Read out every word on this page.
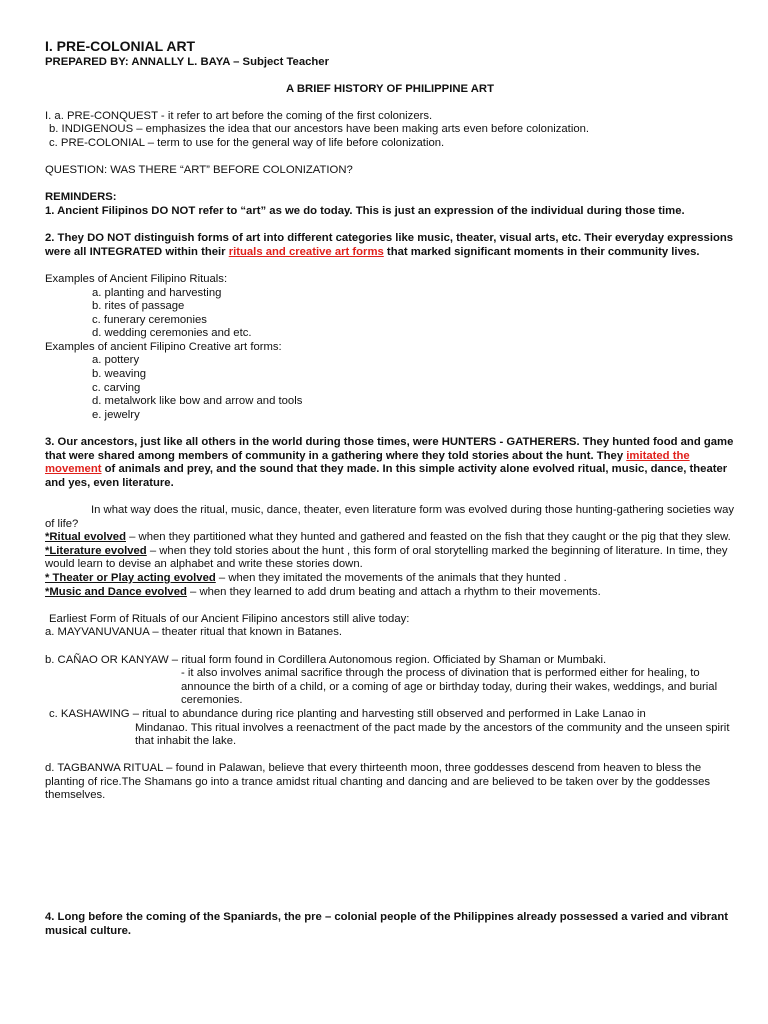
I. PRE-COLONIAL ART

PREPARED BY: ANNALLY L. BAYA – Subject Teacher

A BRIEF HISTORY OF PHILIPPINE ART

I. a. PRE-CONQUEST - it refer to art before the coming of the first colonizers.

b. INDIGENOUS – emphasizes the idea that our ancestors have been making arts even before colonization.

c. PRE-COLONIAL – term to use for the general way of life before colonization.

QUESTION: WAS THERE “ART” BEFORE COLONIZATION?

REMINDERS:

1. Ancient Filipinos DO NOT refer to “art” as we do today. This is just an expression of the individual during those time.

2. They DO NOT distinguish forms of art into different categories like music, theater, visual arts, etc. Their everyday expressions were all INTEGRATED within their rituals and creative art forms that marked significant moments in their community lives.

Examples of Ancient Filipino Rituals:

a. planting and harvesting

b. rites of passage

c. funerary ceremonies

d. wedding ceremonies and etc.

Examples of ancient Filipino Creative art forms:

a. pottery

b. weaving

c. carving

d. metalwork like bow and arrow and tools

e. jewelry

3. Our ancestors, just like all others in the world during those times, were HUNTERS - GATHERERS. They hunted food and game that were shared among members of community in a gathering where they told stories about the hunt. They imitated the movement of animals and prey, and the sound that they made. In this simple activity alone evolved ritual, music, dance, theater and yes, even literature.

In what way does the ritual, music, dance, theater, even literature form was evolved during those hunting-gathering societies way of life?

*Ritual evolved – when they partitioned what they hunted and gathered and feasted on the fish that they caught or the pig that they slew.

*Literature evolved – when they told stories about the hunt , this form of oral storytelling marked the beginning of literature. In time, they would learn to devise an alphabet and write these stories down.

* Theater or Play acting evolved – when they imitated the movements of the animals that they hunted .

*Music and Dance evolved – when they learned to add drum beating and attach a rhythm to their movements.

Earliest Form of Rituals of our Ancient Filipino ancestors still alive today:

a. MAYVANUVANUA – theater ritual that known in Batanes.

b. CAÑAO OR KANYAW – ritual form found in Cordillera Autonomous region. Officiated by Shaman or Mumbaki.

- it also involves animal sacrifice through the process of divination that is performed either for healing, to announce the birth of a child, or a coming of age or birthday today, during their wakes, weddings, and burial ceremonies.

c. KASHAWING – ritual to abundance during rice planting and harvesting still observed and performed in Lake Lanao in

Mindanao. This ritual involves a reenactment of the pact made by the ancestors of the community and the unseen spirit that inhabit the lake.

d. TAGBANWA RITUAL – found in Palawan, believe that every thirteenth moon, three goddesses descend from heaven to bless the planting of rice.The Shamans go into a trance amidst ritual chanting and dancing and are believed to be taken over by the goddesses themselves.

4. Long before the coming of the Spaniards, the pre – colonial people of the Philippines already possessed a varied and vibrant musical culture.
